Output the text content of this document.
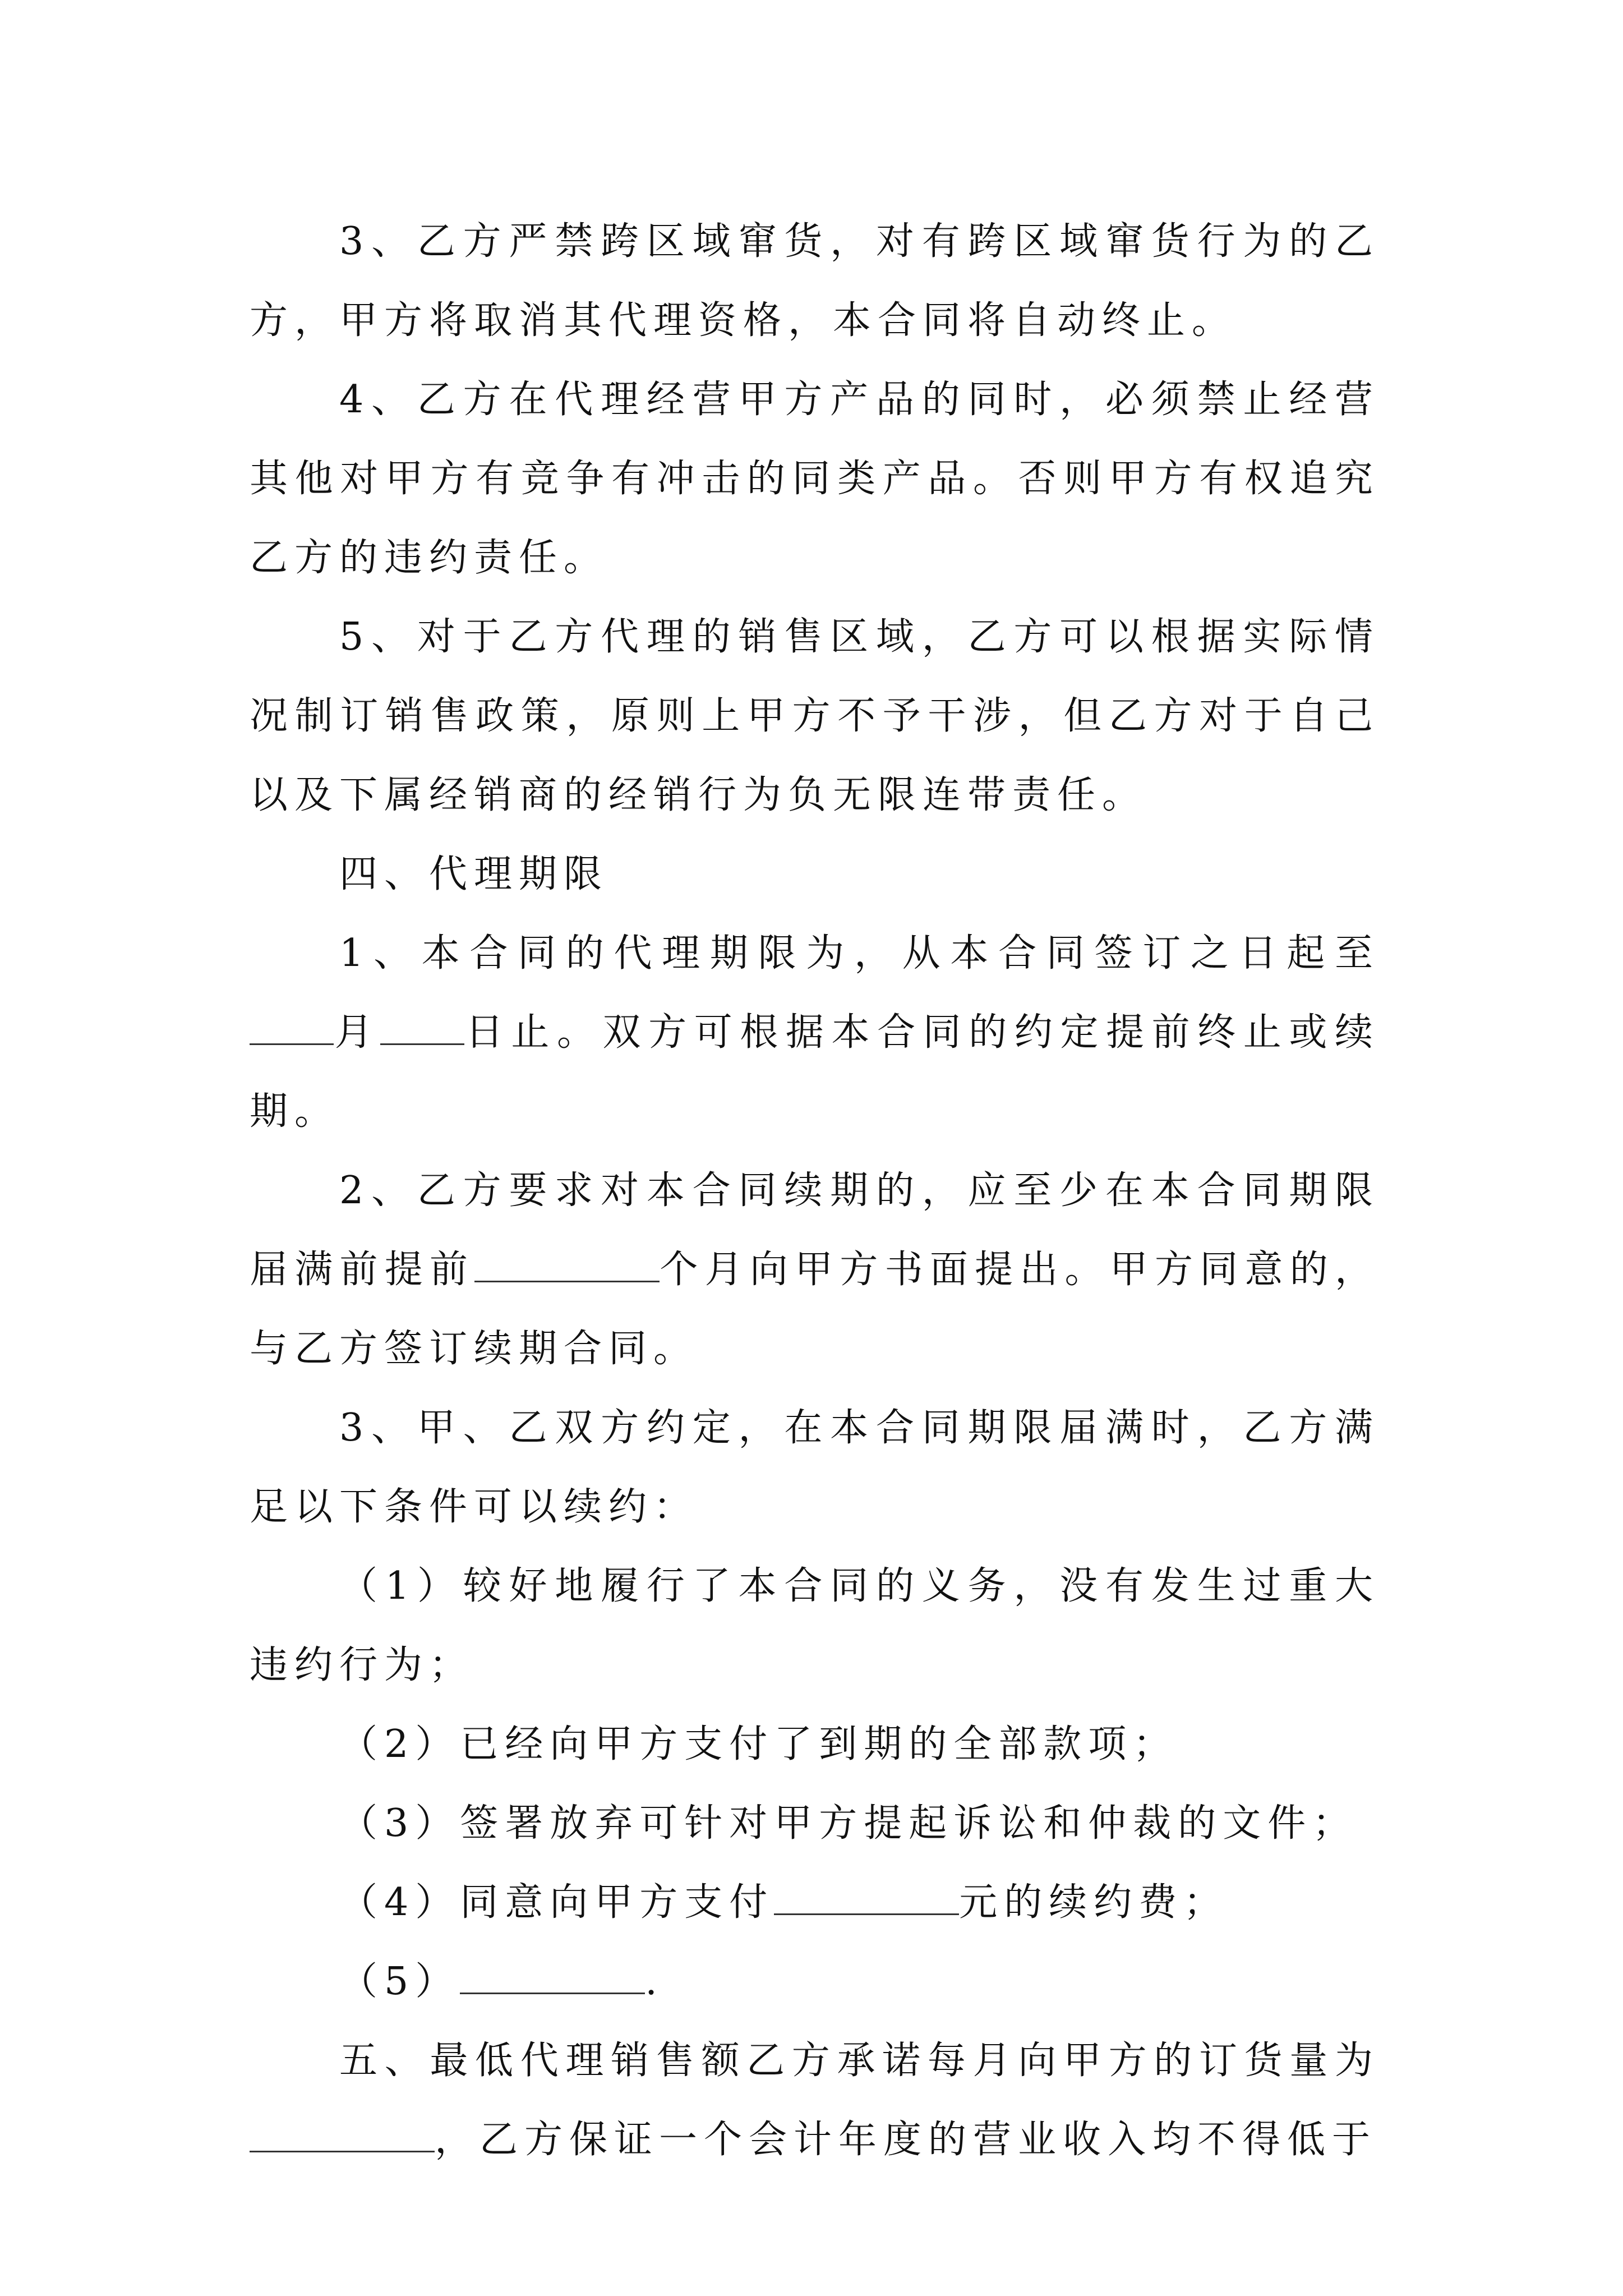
3、乙方严禁跨区域窜货，对有跨区域窜货行为的乙方，甲方将取消其代理资格，本合同将自动终止。

4、乙方在代理经营甲方产品的同时，必须禁止经营其他对甲方有竞争有冲击的同类产品。否则甲方有权追究乙方的违约责任。

5、对于乙方代理的销售区域，乙方可以根据实际情况制订销售政策，原则上甲方不予干涉，但乙方对于自己以及下属经销商的经销行为负无限连带责任。

四、代理期限

1、本合同的代理期限为，从本合同签订之日起至月 日止。双方可根据本合同的约定提前终止或续期。

2、乙方要求对本合同续期的，应至少在本合同期限届满前提前	个月向甲方书面提出。甲方同意的，与乙方签订续期合同。

3、甲、乙双方约定，在本合同期限届满时，乙方满足以下条件可以续约：

（1）较好地履行了本合同的义务，没有发生过重大违约行为；

（2）已经向甲方支付了到期的全部款项；

（3）签署放弃可针对甲方提起诉讼和仲裁的文件；

（4）同意向甲方支付	元的续约费；

（5）	.

五、最低代理销售额乙方承诺每月向甲方的订货量为，乙方保证一个会计年度的营业收入均不得低于
